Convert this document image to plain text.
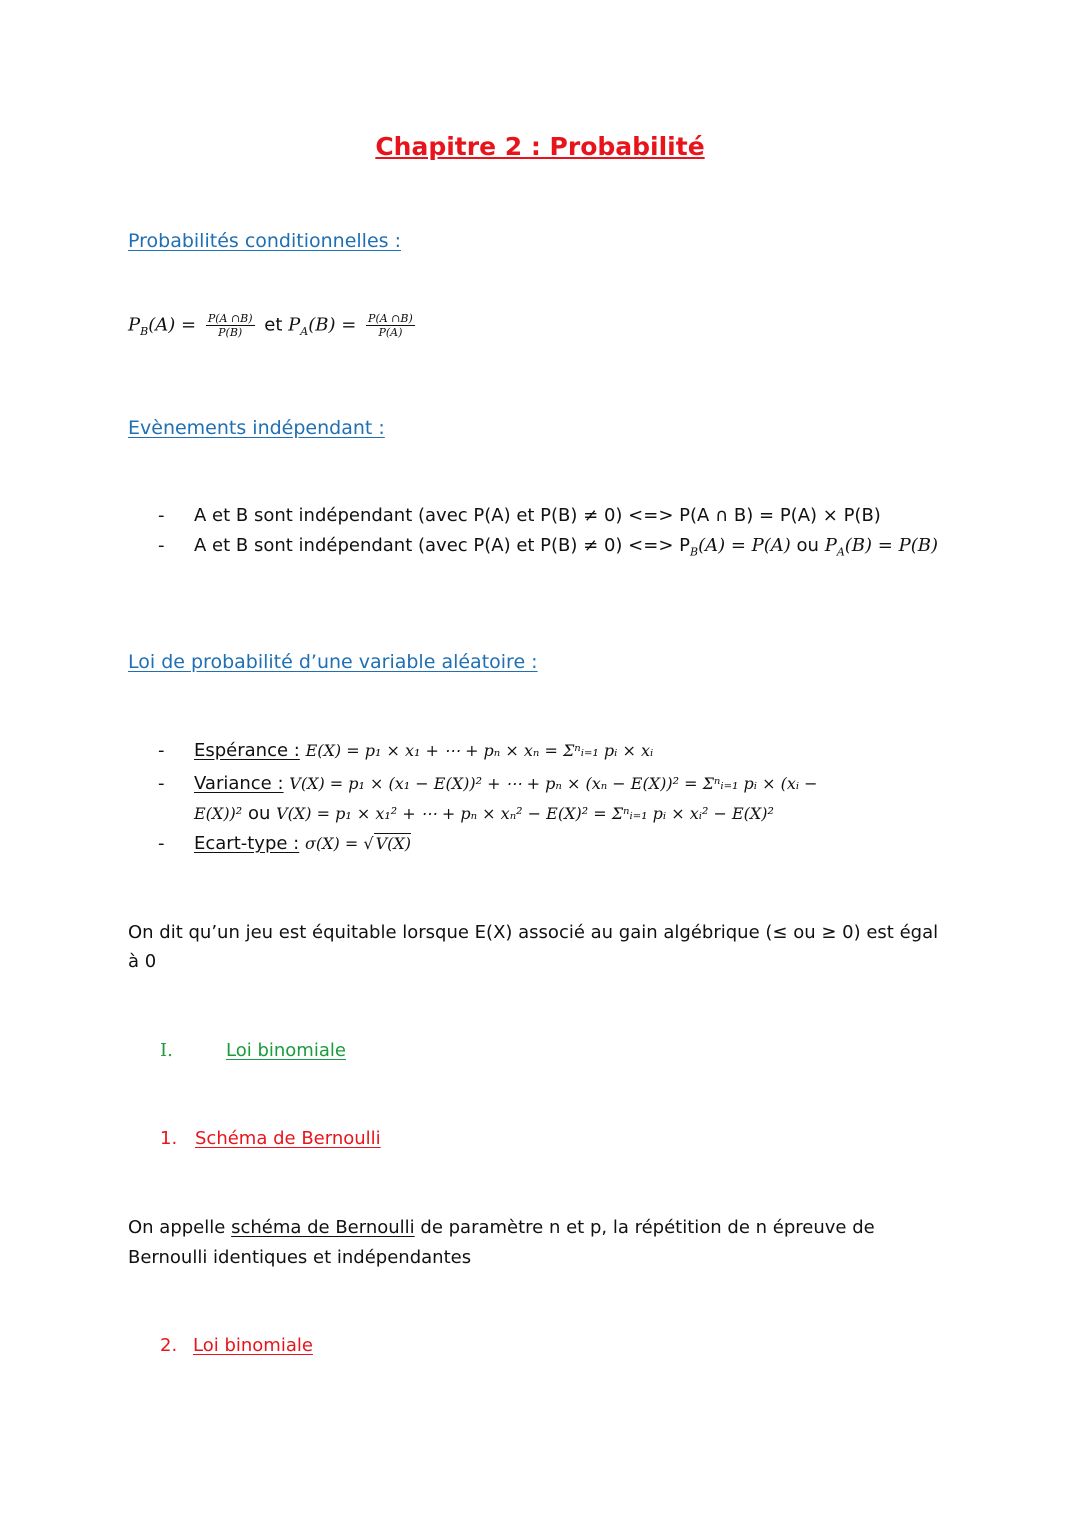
Chapitre 2 : Probabilité
Probabilités conditionnelles :
$P_B(A) = \frac{P(A \cap B)}{P(B)}$ et $P_A(B) = \frac{P(A \cap B)}{P(A)}$
Evènements indépendant :
- A et B sont indépendant (avec P(A) et P(B) ≠ 0) <=> P(A ∩ B) = P(A) × P(B)
- A et B sont indépendant (avec P(A) et P(B) ≠ 0) <=> $P_B(A) = P(A)$ ou $P_A(B) = P(B)$
Loi de probabilité d’une variable aléatoire :
- Espérance : E(X) = p₁ × x₁ + ⋯ + pₙ × xₙ = Σⁿᵢ₌₁ pᵢ × xᵢ
- Variance : V(X) = p₁ × (x₁ − E(X))² + ⋯ + pₙ × (xₙ − E(X))² = Σⁿᵢ₌₁ pᵢ × (xᵢ −
E(X))² ou V(X) = p₁ × x₁² + ⋯ + pₙ × xₙ² − E(X)² = Σⁿᵢ₌₁ pᵢ × xᵢ² − E(X)²
- Ecart-type : σ(X) = √ V(X)
On dit qu’un jeu est équitable lorsque E(X) associé au gain algébrique (≤ ou ≥ 0) est égal
à 0
I.	Loi binomiale
1. Schéma de Bernoulli
On appelle schéma de Bernoulli de paramètre n et p, la répétition de n épreuve de
Bernoulli identiques et indépendantes
2. Loi binomiale
